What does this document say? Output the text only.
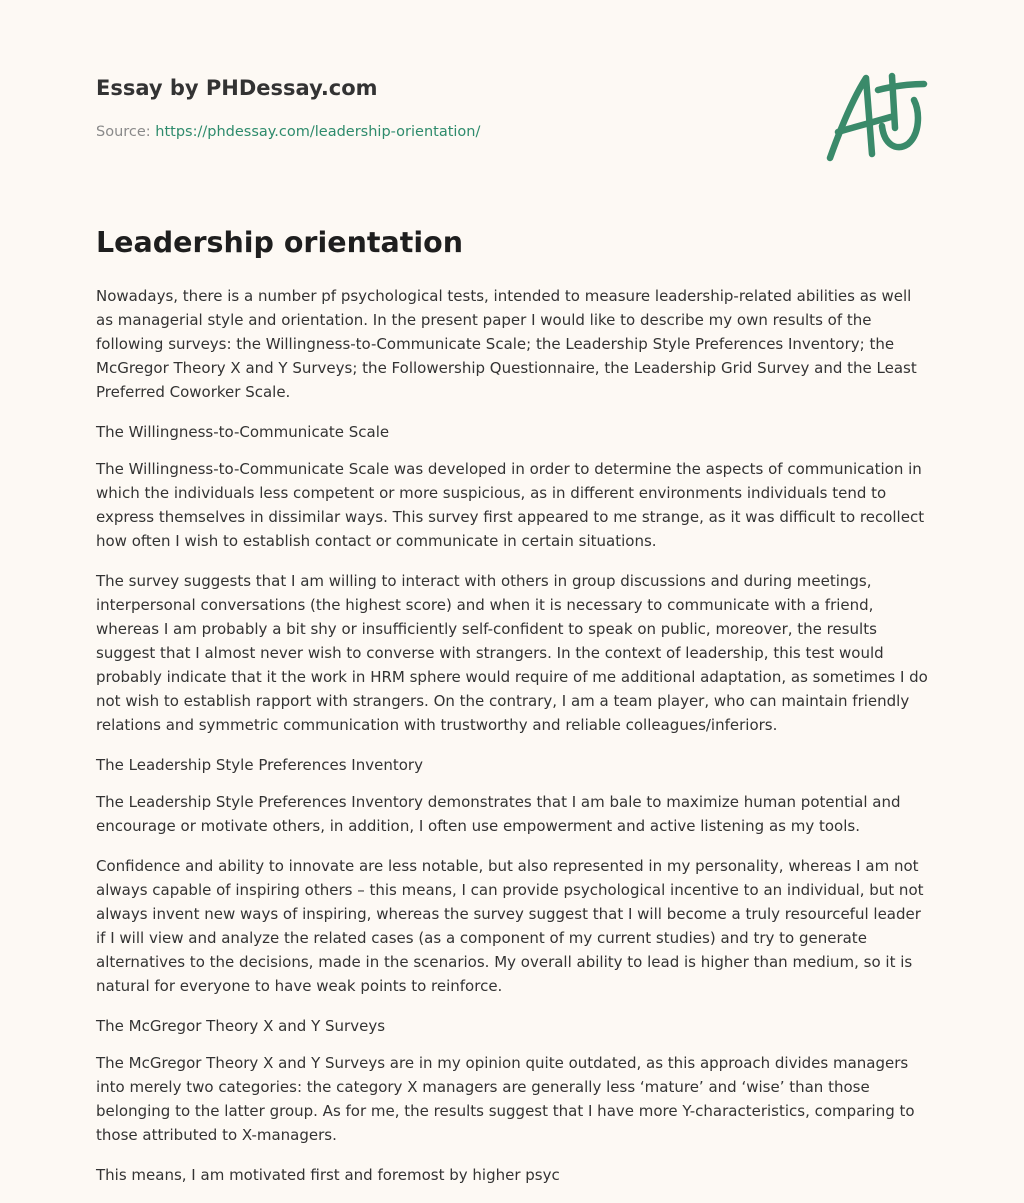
Essay by PHDessay.com
Source: https://phdessay.com/leadership-orientation/
Leadership orientation

Nowadays, there is a number pf psychological tests, intended to measure leadership-related abilities as well as managerial style and orientation. In the present paper I would like to describe my own results of the following surveys: the Willingness-to-Communicate Scale; the Leadership Style Preferences Inventory; the McGregor Theory X and Y Surveys; the Followership Questionnaire, the Leadership Grid Survey and the Least Preferred Coworker Scale.

The Willingness-to-Communicate Scale

The Willingness-to-Communicate Scale was developed in order to determine the aspects of communication in which the individuals less competent or more suspicious, as in different environments individuals tend to express themselves in dissimilar ways. This survey first appeared to me strange, as it was difficult to recollect how often I wish to establish contact or communicate in certain situations.

The survey suggests that I am willing to interact with others in group discussions and during meetings, interpersonal conversations (the highest score) and when it is necessary to communicate with a friend, whereas I am probably a bit shy or insufficiently self-confident to speak on public, moreover, the results suggest that I almost never wish to converse with strangers. In the context of leadership, this test would probably indicate that it the work in HRM sphere would require of me additional adaptation, as sometimes I do not wish to establish rapport with strangers. On the contrary, I am a team player, who can maintain friendly relations and symmetric communication with trustworthy and reliable colleagues/inferiors.

The Leadership Style Preferences Inventory

The Leadership Style Preferences Inventory demonstrates that I am bale to maximize human potential and encourage or motivate others, in addition, I often use empowerment and active listening as my tools.

Confidence and ability to innovate are less notable, but also represented in my personality, whereas I am not always capable of inspiring others – this means, I can provide psychological incentive to an individual, but not always invent new ways of inspiring, whereas the survey suggest that I will become a truly resourceful leader if I will view and analyze the related cases (as a component of my current studies) and try to generate alternatives to the decisions, made in the scenarios. My overall ability to lead is higher than medium, so it is natural for everyone to have weak points to reinforce.

The McGregor Theory X and Y Surveys

The McGregor Theory X and Y Surveys are in my opinion quite outdated, as this approach divides managers into merely two categories: the category X managers are generally less ‘mature’ and ‘wise’ than those belonging to the latter group. As for me, the results suggest that I have more Y-characteristics, comparing to those attributed to X-managers.

This means, I am motivated first and foremost by higher psyc
